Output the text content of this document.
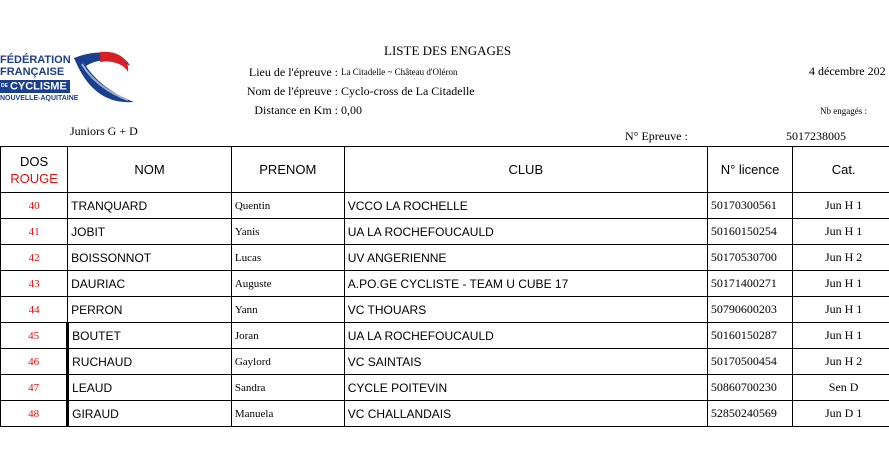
FÉDÉRATION
FRANÇAISE
DE CYCLISME
NOUVELLE-AQUITAINE
LISTE DES ENGAGES
4 décembre 202
Lieu de l'épreuve : La Citadelle ~ Château d'Oléron
Nom de l'épreuve : Cyclo-cross de La Citadelle
Distance en Km : 0,00	Nb engagés :
Juniors G + D	N° Epreuve :	5017238005
DOS
ROUGE	NOM	PRENOM	CLUB	N° licence	Cat.
40	TRANQUARD	Quentin	VCCO LA ROCHELLE	50170300561	Jun H 1
41	JOBIT	Yanis	UA LA ROCHEFOUCAULD	50160150254	Jun H 1
42	BOISSONNOT	Lucas	UV ANGERIENNE	50170530700	Jun H 2
43	DAURIAC	Auguste	A.PO.GE CYCLISTE - TEAM U CUBE 17	50171400271	Jun H 1
44	PERRON	Yann	VC THOUARS	50790600203	Jun H 1
45	BOUTET	Joran	UA LA ROCHEFOUCAULD	50160150287	Jun H 1
46	RUCHAUD	Gaylord	VC SAINTAIS	50170500454	Jun H 2
47	LEAUD	Sandra	CYCLE POITEVIN	50860700230	Sen D
48	GIRAUD	Manuela	VC CHALLANDAIS	52850240569	Jun D 1
